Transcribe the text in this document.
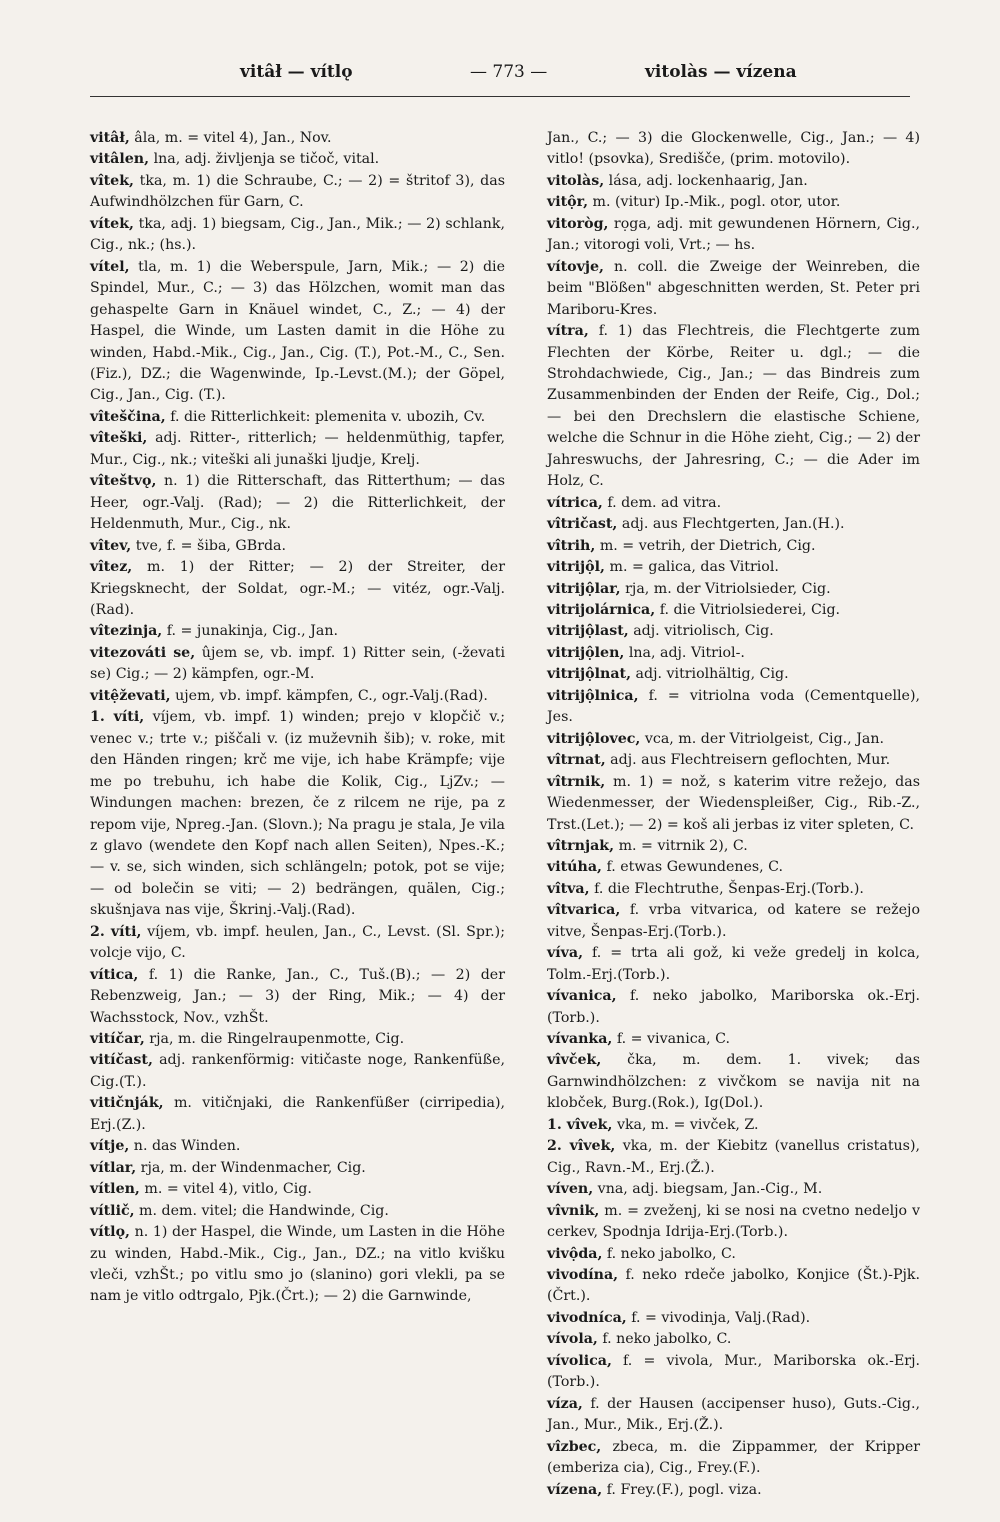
vitâł — vítlǫ	— 773 —	vitolàs — vízena

vitâł, âla, m. = vitel 4), Jan., Nov.

vitâlen, lna, adj. življenja se tičoč, vital.

vîtek, tka, m. 1) die Schraube, C.; — 2) = štritof 3), das Aufwindhölzchen für Garn, C.

vítek, tka, adj. 1) biegsam, Cig., Jan., Mik.; — 2) schlank, Cig., nk.; (hs.).

vítel, tla, m. 1) die Weberspule, Jarn, Mik.; — 2) die Spindel, Mur., C.; — 3) das Hölzchen, womit man das gehaspelte Garn in Knäuel windet, C., Z.; — 4) der Haspel, die Winde, um Lasten damit in die Höhe zu winden, Habd.-Mik., Cig., Jan., Cig. (T.), Pot.-M., C., Sen. (Fiz.), DZ.; die Wagenwinde, Ip.-Levst.(M.); der Göpel, Cig., Jan., Cig. (T.).

vîteščina, f. die Ritterlichkeit: plemenita v. ubozih, Cv.

vîteški, adj. Ritter-, ritterlich; — heldenmüthig, tapfer, Mur., Cig., nk.; viteški ali junaški ljudje, Krelj.

vîteštvǫ, n. 1) die Ritterschaft, das Ritterthum; — das Heer, ogr.-Valj. (Rad); — 2) die Ritterlichkeit, der Heldenmuth, Mur., Cig., nk.

vîtev, tve, f. = šiba, GBrda.

vîtez, m. 1) der Ritter; — 2) der Streiter, der Kriegsknecht, der Soldat, ogr.-M.; — vitéz, ogr.-Valj.(Rad).

vîtezinja, f. = junakinja, Cig., Jan.

vitezováti se, ûjem se, vb. impf. 1) Ritter sein, (-ževati se) Cig.; — 2) kämpfen, ogr.-M.

vitệževati, ujem, vb. impf. kämpfen, C., ogr.-Valj.(Rad).

1. víti, víjem, vb. impf. 1) winden; prejo v klopčič v.; venec v.; trte v.; piščali v. (iz muževnih šib); v. roke, mit den Händen ringen; krč me vije, ich habe Krämpfe; vije me po trebuhu, ich habe die Kolik, Cig., LjZv.; — Windungen machen: brezen, če z rilcem ne rije, pa z repom vije, Npreg.-Jan. (Slovn.); Na pragu je stala, Je vila z glavo (wendete den Kopf nach allen Seiten), Npes.-K.; — v. se, sich winden, sich schlängeln; potok, pot se vije; — od bolečin se viti; — 2) bedrängen, quälen, Cig.; skušnjava nas vije, Škrinj.-Valj.(Rad).

2. víti, víjem, vb. impf. heulen, Jan., C., Levst. (Sl. Spr.); volcje vijo, C.

vítica, f. 1) die Ranke, Jan., C., Tuš.(B).; — 2) der Rebenzweig, Jan.; — 3) der Ring, Mik.; — 4) der Wachsstock, Nov., vzhŠt.

vitíčar, rja, m. die Ringelraupenmotte, Cig.

vitíčast, adj. rankenförmig: vitičaste noge, Rankenfüße, Cig.(T.).

vitičnják, m. vitičnjaki, die Rankenfüßer (cirripedia), Erj.(Z.).

vítje, n. das Winden.

vítlar, rja, m. der Windenmacher, Cig.

vítlen, m. = vitel 4), vitlo, Cig.

vítlič, m. dem. vitel; die Handwinde, Cig.

vítlǫ, n. 1) der Haspel, die Winde, um Lasten in die Höhe zu winden, Habd.-Mik., Cig., Jan., DZ.; na vitlo kvišku vleči, vzhŠt.; po vitlu smo jo (slanino) gori vlekli, pa se nam je vitlo odtrgalo, Pjk.(Črt.); — 2) die Garnwinde,

Jan., C.; — 3) die Glockenwelle, Cig., Jan.; — 4) vitlo! (psovka), Središče, (prim. motovilo).

vitolàs, lása, adj. lockenhaarig, Jan.

vitộr, m. (vitur) Ip.-Mik., pogl. otor, utor.

vitoròg, rọga, adj. mit gewundenen Hörnern, Cig., Jan.; vitorogi voli, Vrt.; — hs.

vítovje, n. coll. die Zweige der Weinreben, die beim "Blößen" abgeschnitten werden, St. Peter pri Mariboru-Kres.

vítra, f. 1) das Flechtreis, die Flechtgerte zum Flechten der Körbe, Reiter u. dgl.; — die Strohdachwiede, Cig., Jan.; — das Bindreis zum Zusammenbinden der Enden der Reife, Cig., Dol.; — bei den Drechslern die elastische Schiene, welche die Schnur in die Höhe zieht, Cig.; — 2) der Jahreswuchs, der Jahresring, C.; — die Ader im Holz, C.

vítrica, f. dem. ad vitra.

vîtričast, adj. aus Flechtgerten, Jan.(H.).

vîtrih, m. = vetrih, der Dietrich, Cig.

vitrijộl, m. = galica, das Vitriol.

vitrijộlar, rja, m. der Vitriolsieder, Cig.

vitrijolárnica, f. die Vitriolsiederei, Cig.

vitrijộlast, adj. vitriolisch, Cig.

vitrijộlen, lna, adj. Vitriol-.

vitrijộlnat, adj. vitriolhältig, Cig.

vitrijộlnica, f. = vitriolna voda (Cementquelle), Jes.

vitrijộlovec, vca, m. der Vitriolgeist, Cig., Jan.

vîtrnat, adj. aus Flechtreisern geflochten, Mur.

vîtrnik, m. 1) = nož, s katerim vitre režejo, das Wiedenmesser, der Wiedenspleißer, Cig., Rib.-Z., Trst.(Let.); — 2) = koš ali jerbas iz viter spleten, C.

vîtrnjak, m. = vitrnik 2), C.

vitúha, f. etwas Gewundenes, C.

vîtva, f. die Flechtruthe, Šenpas-Erj.(Torb.).

vîtvarica, f. vrba vitvarica, od katere se režejo vitve, Šenpas-Erj.(Torb.).

víva, f. = trta ali gož, ki veže gredelj in kolca, Tolm.-Erj.(Torb.).

vívanica, f. neko jabolko, Mariborska ok.-Erj.(Torb.).

vívanka, f. = vivanica, C.

vîvček, čka, m. dem. 1. vivek; das Garnwindhölzchen: z vivčkom se navija nit na klobček, Burg.(Rok.), Ig(Dol.).

1. vîvek, vka, m. = vivček, Z.

2. vîvek, vka, m. der Kiebitz (vanellus cristatus), Cig., Ravn.-M., Erj.(Ž.).

víven, vna, adj. biegsam, Jan.-Cig., M.

vîvnik, m. = zveženj, ki se nosi na cvetno nedeljo v cerkev, Spodnja Idrija-Erj.(Torb.).

vivộda, f. neko jabolko, C.

vivodína, f. neko rdeče jabolko, Konjice (Št.)-Pjk.(Črt.).

vivodníca, f. = vivodinja, Valj.(Rad).

vívola, f. neko jabolko, C.

vívolica, f. = vivola, Mur., Mariborska ok.-Erj.(Torb.).

víza, f. der Hausen (accipenser huso), Guts.-Cig., Jan., Mur., Mik., Erj.(Ž.).

vîzbec, zbeca, m. die Zippammer, der Kripper (emberiza cia), Cig., Frey.(F.).

vízena, f. Frey.(F.), pogl. viza.
